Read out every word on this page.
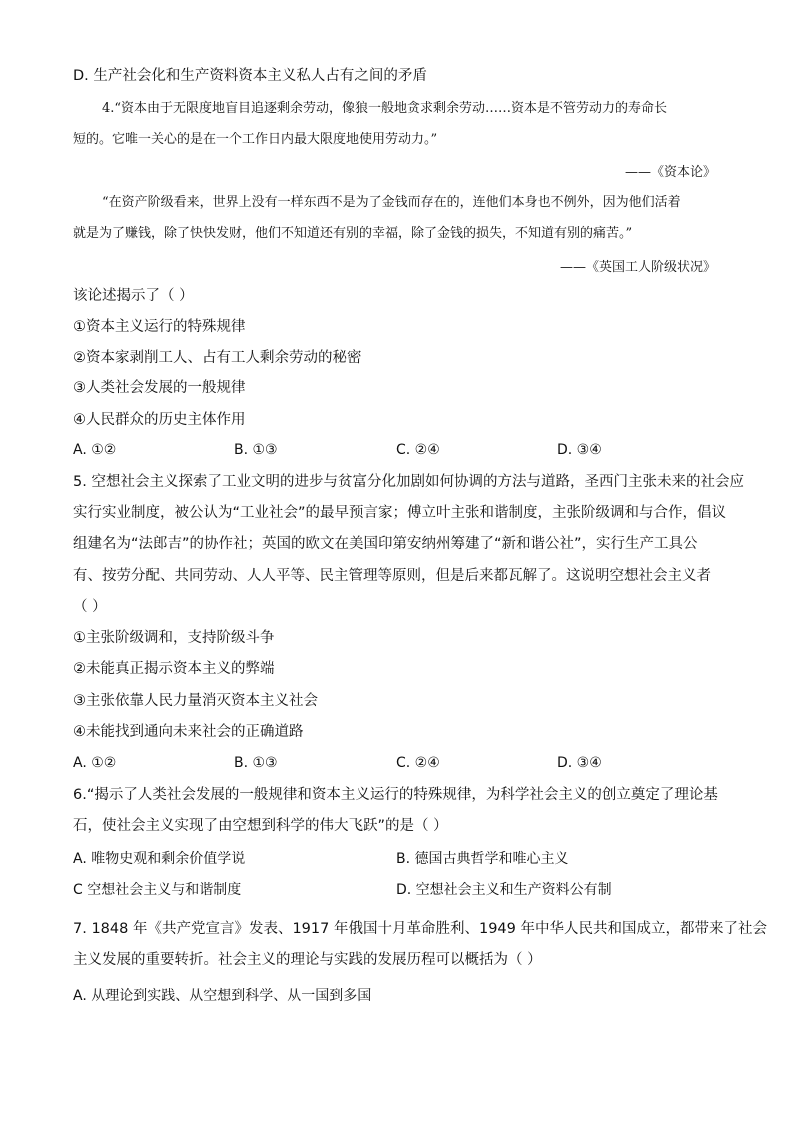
D. 生产社会化和生产资料资本主义私人占有之间的矛盾
4.“资本由于无限度地盲目追逐剩余劳动，像狼一般地贪求剩余劳动……资本是不管劳动力的寿命长
短的。它唯一关心的是在一个工作日内最大限度地使用劳动力。”
——《资本论》
“在资产阶级看来，世界上没有一样东西不是为了金钱而存在的，连他们本身也不例外，因为他们活着
就是为了赚钱，除了快快发财，他们不知道还有别的幸福，除了金钱的损失，不知道有别的痛苦。”
——《英国工人阶级状况》
该论述揭示了（ ）
①资本主义运行的特殊规律
②资本家剥削工人、占有工人剩余劳动的秘密
③人类社会发展的一般规律
④人民群众的历史主体作用
A. ①②	B. ①③	C. ②④	D. ③④
5. 空想社会主义探索了工业文明的进步与贫富分化加剧如何协调的方法与道路，圣西门主张未来的社会应
实行实业制度，被公认为“工业社会”的最早预言家；傅立叶主张和谐制度，主张阶级调和与合作，倡议
组建名为“法郎吉”的协作社；英国的欧文在美国印第安纳州筹建了“新和谐公社”，实行生产工具公
有、按劳分配、共同劳动、人人平等、民主管理等原则，但是后来都瓦解了。这说明空想社会主义者
（ ）
①主张阶级调和，支持阶级斗争
②未能真正揭示资本主义的弊端
③主张依靠人民力量消灭资本主义社会
④未能找到通向未来社会的正确道路
A. ①②	B. ①③	C. ②④	D. ③④
6.“揭示了人类社会发展的一般规律和资本主义运行的特殊规律，为科学社会主义的创立奠定了理论基
石，使社会主义实现了由空想到科学的伟大飞跃”的是（ ）
A. 唯物史观和剩余价值学说	B. 德国古典哲学和唯心主义
C 空想社会主义与和谐制度	D. 空想社会主义和生产资料公有制
7. 1848 年《共产党宣言》发表、1917 年俄国十月革命胜利、1949 年中华人民共和国成立，都带来了社会
主义发展的重要转折。社会主义的理论与实践的发展历程可以概括为（ ）
A. 从理论到实践、从空想到科学、从一国到多国
